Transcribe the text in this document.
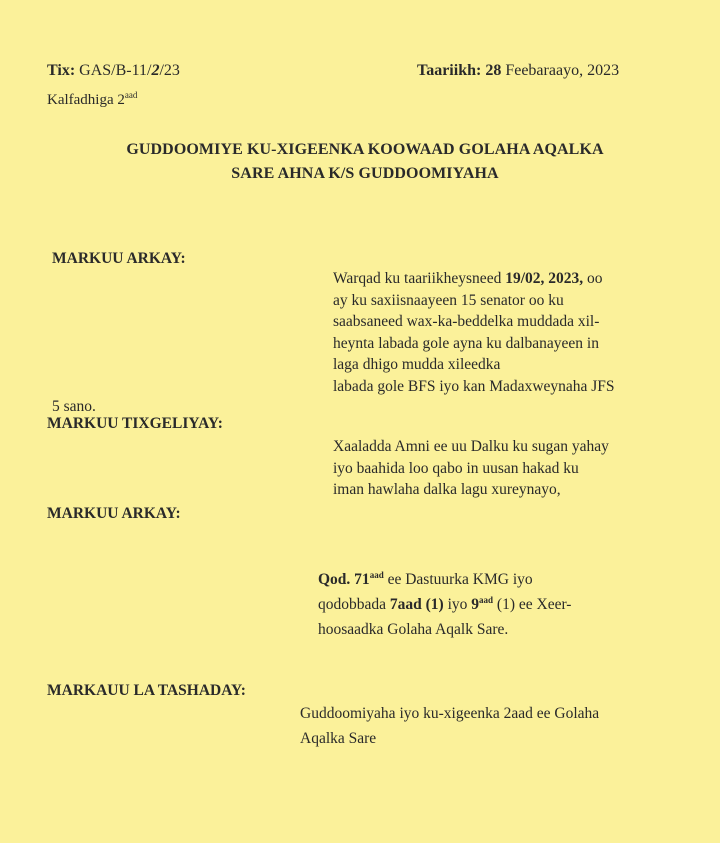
Tix: GAS/B-11/2/23	Taariikh: 28 Feebaraayo, 2023
Kalfadhiga $2^{aad}$
GUDDOOMIYE KU-XIGEENKA KOOWAAD GOLAHA AQALKA
SARE AHNA K/S GUDDOOMIYAHA
MARKUU ARKAY:
Warqad ku taariikheysneed 19/02, 2023, oo
ay ku saxiisnaayeen 15 senator oo ku
saabsaneed wax-ka-beddelka muddada xil-
heynta labada gole ayna ku dalbanayeen in
laga dhigo mudda xileedka
labada gole BFS iyo kan Madaxweynaha JFS
5 sano.
MARKUU TIXGELIYAY:
Xaaladda Amni ee uu Dalku ku sugan yahay
iyo baahida loo qabo in uusan hakad ku
iman hawlaha dalka lagu xureynayo,
MARKUU ARKAY:
Qod. $71^{aad}$ ee Dastuurka KMG iyo
qodobbada 7aad (1) iyo $9^{aad}$ (1) ee Xeer-
hoosaadka Golaha Aqalk Sare.
MARKAUU LA TASHADAY:
Guddoomiyaha iyo ku-xigeenka 2aad ee Golaha
Aqalka Sare
